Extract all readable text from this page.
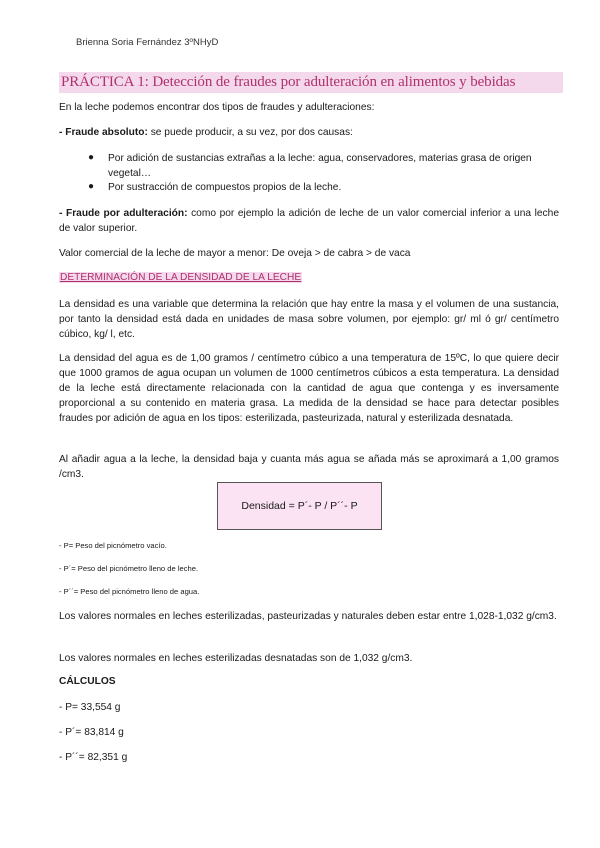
Brienna Soria Fernández 3ºNHyD
PRÁCTICA 1: Detección de fraudes por adulteración en alimentos y bebidas
En la leche podemos encontrar dos tipos de fraudes y adulteraciones:
- Fraude absoluto: se puede producir, a su vez, por dos causas:
● Por adición de sustancias extrañas a la leche: agua, conservadores, materias grasa de origen
vegetal…
● Por sustracción de compuestos propios de la leche.
- Fraude por adulteración: como por ejemplo la adición de leche de un valor comercial inferior a una leche de valor superior.
Valor comercial de la leche de mayor a menor: De oveja > de cabra > de vaca
DETERMINACIÓN DE LA DENSIDAD DE LA LECHE
La densidad es una variable que determina la relación que hay entre la masa y el volumen de una sustancia, por tanto la densidad está dada en unidades de masa sobre volumen, por ejemplo: gr/ ml ó gr/ centímetro cúbico, kg/ l, etc.
La densidad del agua es de 1,00 gramos / centímetro cúbico a una temperatura de 15ºC, lo que quiere decir que 1000 gramos de agua ocupan un volumen de 1000 centímetros cúbicos a esta temperatura. La densidad de la leche está directamente relacionada con la cantidad de agua que contenga y es inversamente proporcional a su contenido en materia grasa. La medida de la densidad se hace para detectar posibles fraudes por adición de agua en los tipos: esterilizada, pasteurizada, natural y esterilizada desnatada.
Al añadir agua a la leche, la densidad baja y cuanta más agua se añada más se aproximará a 1,00 gramos /cm3.
Densidad = P´- P / P´´- P
- P= Peso del picnómetro vacío.
- P´= Peso del picnómetro lleno de leche.
- P´´= Peso del picnómetro lleno de agua.
Los valores normales en leches esterilizadas, pasteurizadas y naturales deben estar entre 1,028-1,032 g/cm3.
Los valores normales en leches esterilizadas desnatadas son de 1,032 g/cm3.
CÁLCULOS
- P= 33,554 g
- P´= 83,814 g
- P´´= 82,351 g
